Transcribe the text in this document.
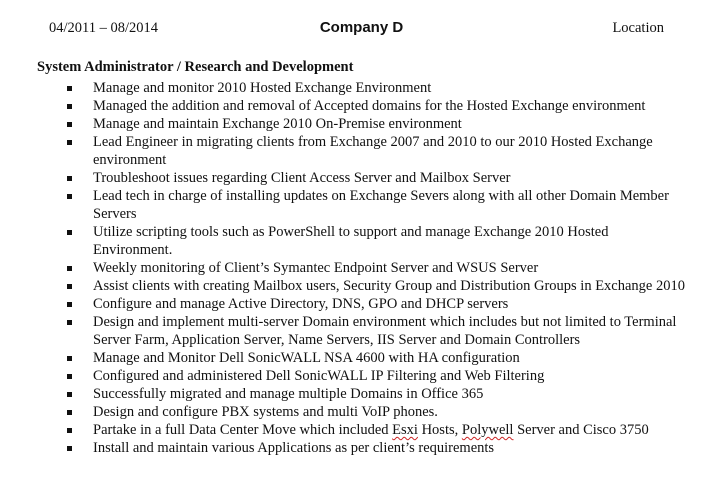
04/2011 – 08/2014	Company D	Location
System Administrator / Research and Development
Manage and monitor 2010 Hosted Exchange Environment
Managed the addition and removal of Accepted domains for the Hosted Exchange environment
Manage and maintain Exchange 2010 On-Premise environment
Lead Engineer in migrating clients from Exchange 2007 and 2010 to our 2010 Hosted Exchange environment
Troubleshoot issues regarding Client Access Server and Mailbox Server
Lead tech in charge of installing updates on Exchange Severs along with all other Domain Member Servers
Utilize scripting tools such as PowerShell to support and manage Exchange 2010 Hosted Environment.
Weekly monitoring of Client’s Symantec Endpoint Server and WSUS Server
Assist clients with creating Mailbox users, Security Group and Distribution Groups in Exchange 2010
Configure and manage Active Directory, DNS, GPO and DHCP servers
Design and implement multi-server Domain environment which includes but not limited to Terminal Server Farm, Application Server, Name Servers, IIS Server and Domain Controllers
Manage and Monitor Dell SonicWALL NSA 4600 with HA configuration
Configured and administered Dell SonicWALL IP Filtering and Web Filtering
Successfully migrated and manage multiple Domains in Office 365
Design and configure PBX systems and multi VoIP phones.
Partake in a full Data Center Move which included Esxi Hosts, Polywell Server and Cisco 3750
Install and maintain various Applications as per client’s requirements
